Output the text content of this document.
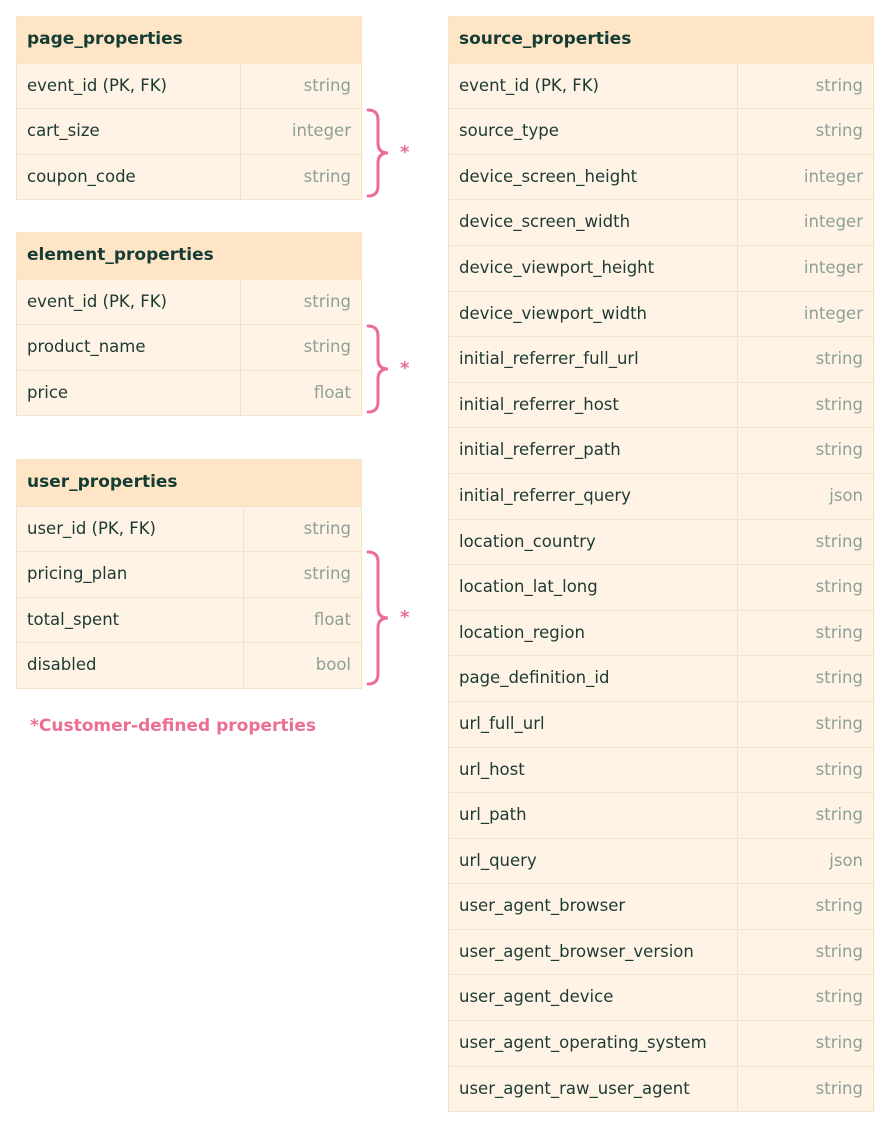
page_properties
event_id (PK, FK)	string
cart_size	integer
coupon_code	string
element_properties
event_id (PK, FK)	string
product_name	string
price	float
user_properties
user_id (PK, FK)	string
pricing_plan	string
total_spent	float
disabled	bool
source_properties
event_id (PK, FK)	string
source_type	string
device_screen_height	integer
device_screen_width	integer
device_viewport_height	integer
device_viewport_width	integer
initial_referrer_full_url	string
initial_referrer_host	string
initial_referrer_path	string
initial_referrer_query	json
location_country	string
location_lat_long	string
location_region	string
page_definition_id	string
url_full_url	string
url_host	string
url_path	string
url_query	json
user_agent_browser	string
user_agent_browser_version	string
user_agent_device	string
user_agent_operating_system	string
user_agent_raw_user_agent	string
*
*
*
*Customer-defined properties
